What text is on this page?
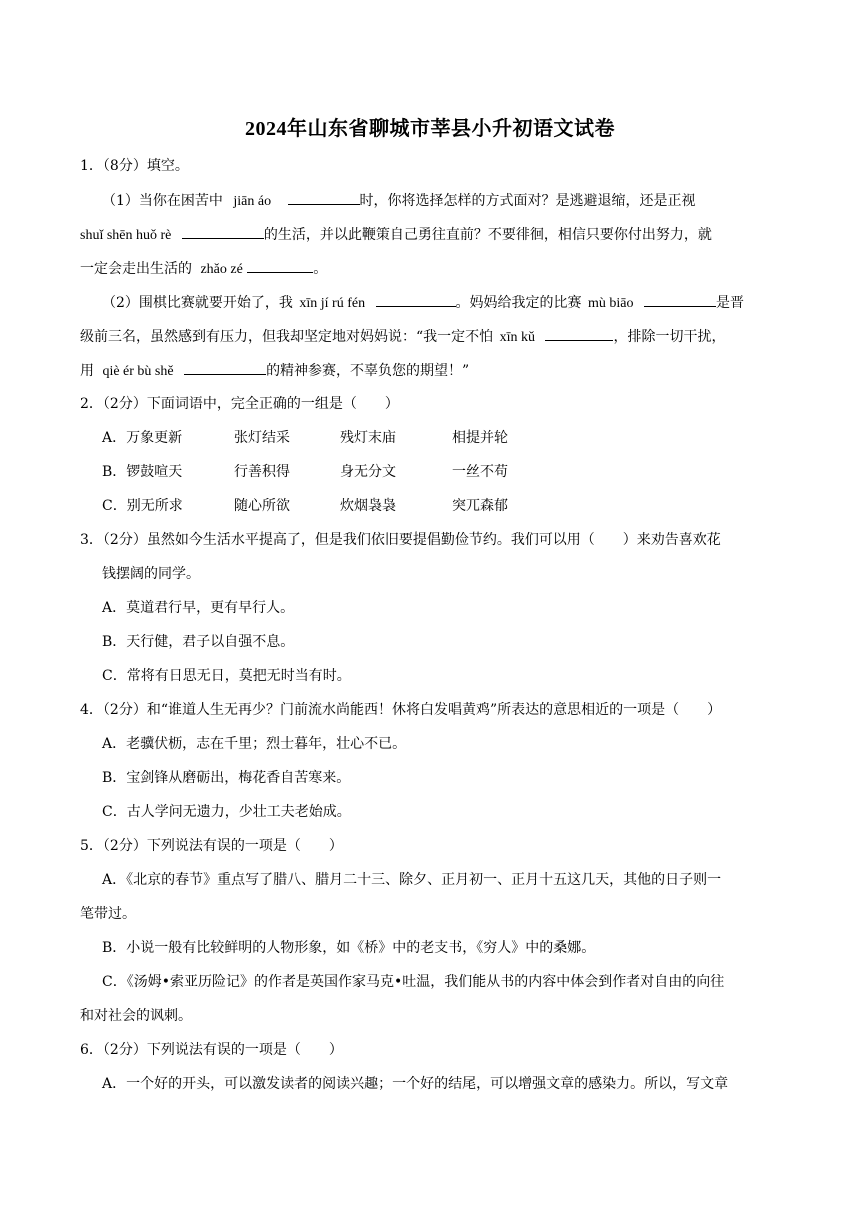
2024年山东省聊城市莘县小升初语文试卷
1．（8分）填空。
（1）当你在困苦中 jiān áo	时，你将选择怎样的方式面对？是逃避退缩，还是正视
shuǐ shēn huǒ rè	的生活，并以此鞭策自己勇往直前？不要徘徊，相信只要你付出努力，就
一定会走出生活的 zhǎo zé	。
（2）围棋比赛就要开始了，我 xīn jí rú fén	。妈妈给我定的比赛 mù biāo	是晋
级前三名，虽然感到有压力，但我却坚定地对妈妈说：“我一定不怕 xīn kǔ	，排除一切干扰，
用 qiè ér bù shě	的精神参赛，不辜负您的期望！”
2．（2分）下面词语中，完全正确的一组是（　　）
A．万象更新	张灯结采	残灯末庙	相提并轮
B．锣鼓喧天	行善积得	身无分文	一丝不苟
C．别无所求	随心所欲	炊烟袅袅	突兀森郁
3．（2分）虽然如今生活水平提高了，但是我们依旧要提倡勤俭节约。我们可以用（　　）来劝告喜欢花
钱摆阔的同学。
A．莫道君行早，更有早行人。
B．天行健，君子以自强不息。
C．常将有日思无日，莫把无时当有时。
4．（2分）和“谁道人生无再少？门前流水尚能西！休将白发唱黄鸡”所表达的意思相近的一项是（　　）
A．老骥伏枥，志在千里；烈士暮年，壮心不已。
B．宝剑锋从磨砺出，梅花香自苦寒来。
C．古人学问无遗力，少壮工夫老始成。
5．（2分）下列说法有误的一项是（　　）
A．《北京的春节》重点写了腊八、腊月二十三、除夕、正月初一、正月十五这几天，其他的日子则一
笔带过。
B．小说一般有比较鲜明的人物形象，如《桥》中的老支书，《穷人》中的桑娜。
C．《汤姆•索亚历险记》的作者是英国作家马克•吐温，我们能从书的内容中体会到作者对自由的向往
和对社会的讽刺。
6．（2分）下列说法有误的一项是（　　）
A．一个好的开头，可以激发读者的阅读兴趣；一个好的结尾，可以增强文章的感染力。所以，写文章
